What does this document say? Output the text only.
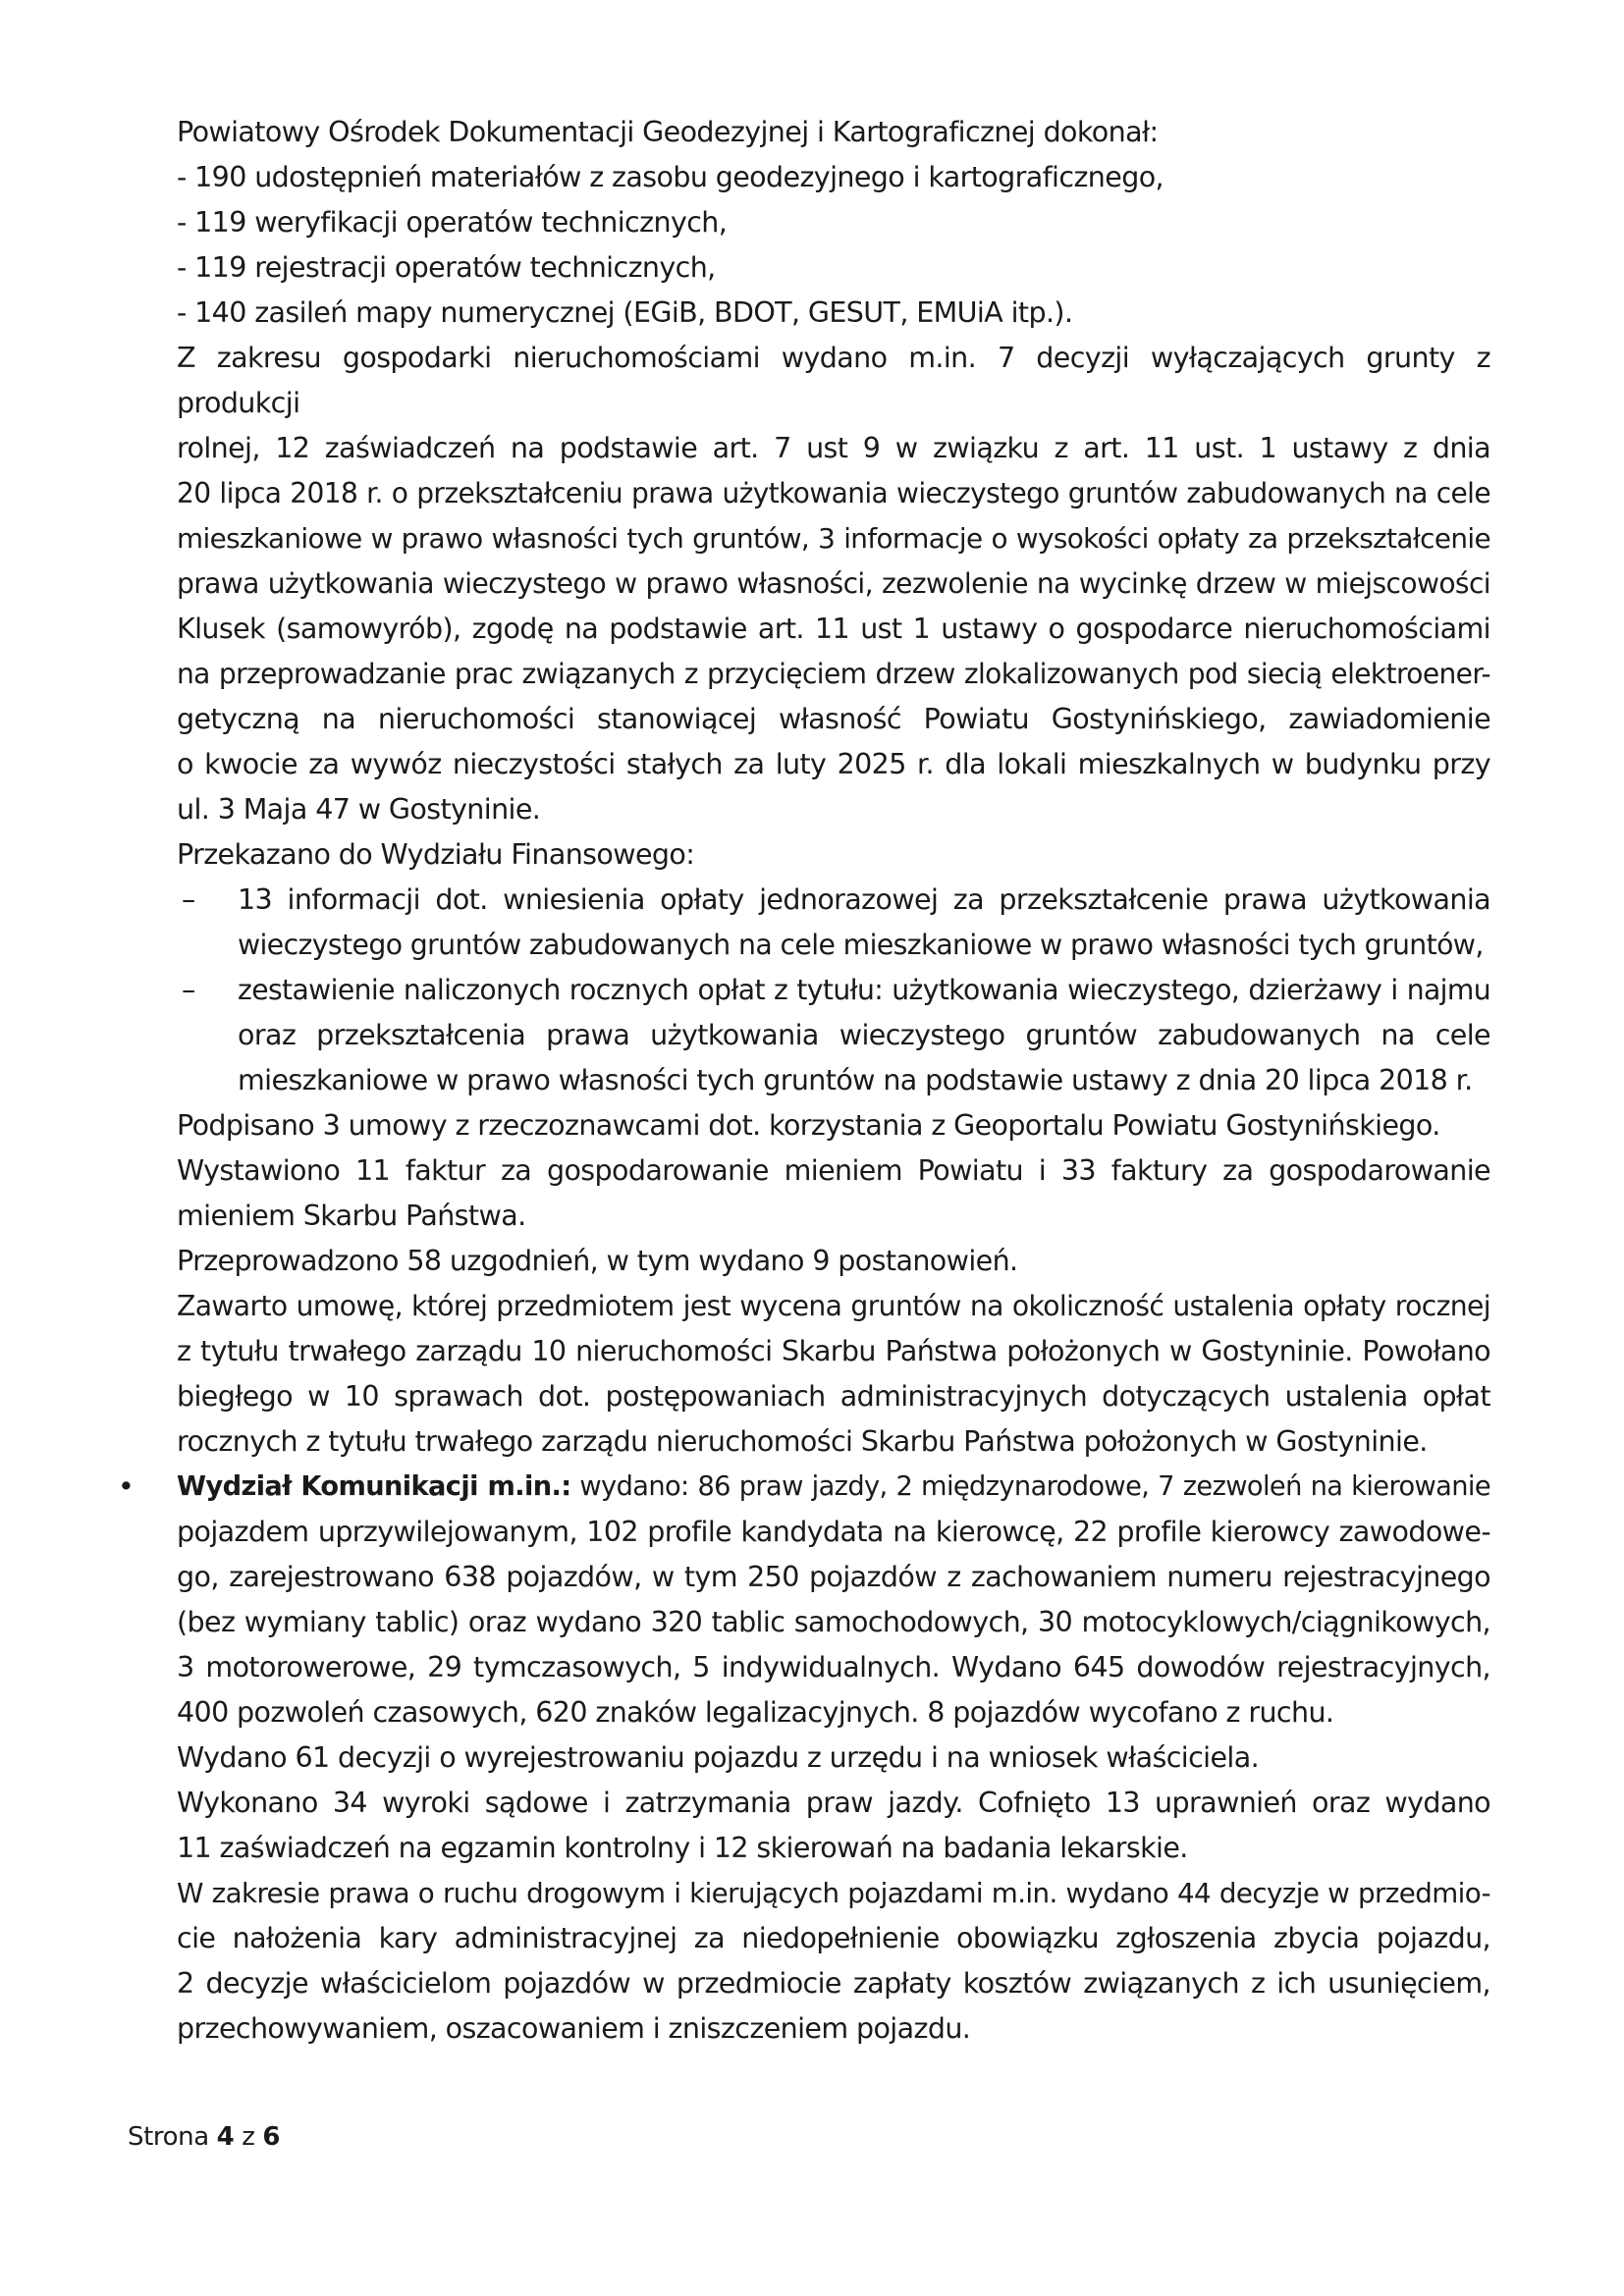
Powiatowy Ośrodek Dokumentacji Geodezyjnej i Kartograficznej dokonał:
- 190 udostępnień materiałów z zasobu geodezyjnego i kartograficznego,
- 119 weryfikacji operatów technicznych,
- 119 rejestracji operatów technicznych,
- 140 zasileń mapy numerycznej (EGiB, BDOT, GESUT, EMUiA itp.).
Z zakresu gospodarki nieruchomościami wydano m.in. 7 decyzji wyłączających grunty z produkcji
rolnej, 12 zaświadczeń na podstawie art. 7 ust 9 w związku z art. 11 ust. 1 ustawy z dnia
20 lipca 2018 r. o przekształceniu prawa użytkowania wieczystego gruntów zabudowanych na cele
mieszkaniowe w prawo własności tych gruntów, 3 informacje o wysokości opłaty za przekształcenie
prawa użytkowania wieczystego w prawo własności, zezwolenie na wycinkę drzew w miejscowości
Klusek (samowyrób), zgodę na podstawie art. 11 ust 1 ustawy o gospodarce nieruchomościami
na przeprowadzanie prac związanych z przycięciem drzew zlokalizowanych pod siecią elektroener-
getyczną na nieruchomości stanowiącej własność Powiatu Gostynińskiego, zawiadomienie
o kwocie za wywóz nieczystości stałych za luty 2025 r. dla lokali mieszkalnych w budynku przy
ul. 3 Maja 47 w Gostyninie.
Przekazano do Wydziału Finansowego:
– 13 informacji dot. wniesienia opłaty jednorazowej za przekształcenie prawa użytkowania
wieczystego gruntów zabudowanych na cele mieszkaniowe w prawo własności tych gruntów,
– zestawienie naliczonych rocznych opłat z tytułu: użytkowania wieczystego, dzierżawy i najmu
oraz przekształcenia prawa użytkowania wieczystego gruntów zabudowanych na cele
mieszkaniowe w prawo własności tych gruntów na podstawie ustawy z dnia 20 lipca 2018 r.
Podpisano 3 umowy z rzeczoznawcami dot. korzystania z Geoportalu Powiatu Gostynińskiego.
Wystawiono 11 faktur za gospodarowanie mieniem Powiatu i 33 faktury za gospodarowanie
mieniem Skarbu Państwa.
Przeprowadzono 58 uzgodnień, w tym wydano 9 postanowień.
Zawarto umowę, której przedmiotem jest wycena gruntów na okoliczność ustalenia opłaty rocznej
z tytułu trwałego zarządu 10 nieruchomości Skarbu Państwa położonych w Gostyninie. Powołano
biegłego w 10 sprawach dot. postępowaniach administracyjnych dotyczących ustalenia opłat
rocznych z tytułu trwałego zarządu nieruchomości Skarbu Państwa położonych w Gostyninie.
• Wydział Komunikacji m.in.: wydano: 86 praw jazdy, 2 międzynarodowe, 7 zezwoleń na kierowanie
pojazdem uprzywilejowanym, 102 profile kandydata na kierowcę, 22 profile kierowcy zawodowe-
go, zarejestrowano 638 pojazdów, w tym 250 pojazdów z zachowaniem numeru rejestracyjnego
(bez wymiany tablic) oraz wydano 320 tablic samochodowych, 30 motocyklowych/ciągnikowych,
3 motorowerowe, 29 tymczasowych, 5 indywidualnych. Wydano 645 dowodów rejestracyjnych,
400 pozwoleń czasowych, 620 znaków legalizacyjnych. 8 pojazdów wycofano z ruchu.
Wydano 61 decyzji o wyrejestrowaniu pojazdu z urzędu i na wniosek właściciela.
Wykonano 34 wyroki sądowe i zatrzymania praw jazdy. Cofnięto 13 uprawnień oraz wydano
11 zaświadczeń na egzamin kontrolny i 12 skierowań na badania lekarskie.
W zakresie prawa o ruchu drogowym i kierujących pojazdami m.in. wydano 44 decyzje w przedmio-
cie nałożenia kary administracyjnej za niedopełnienie obowiązku zgłoszenia zbycia pojazdu,
2 decyzje właścicielom pojazdów w przedmiocie zapłaty kosztów związanych z ich usunięciem,
przechowywaniem, oszacowaniem i zniszczeniem pojazdu.
Strona 4 z 6
